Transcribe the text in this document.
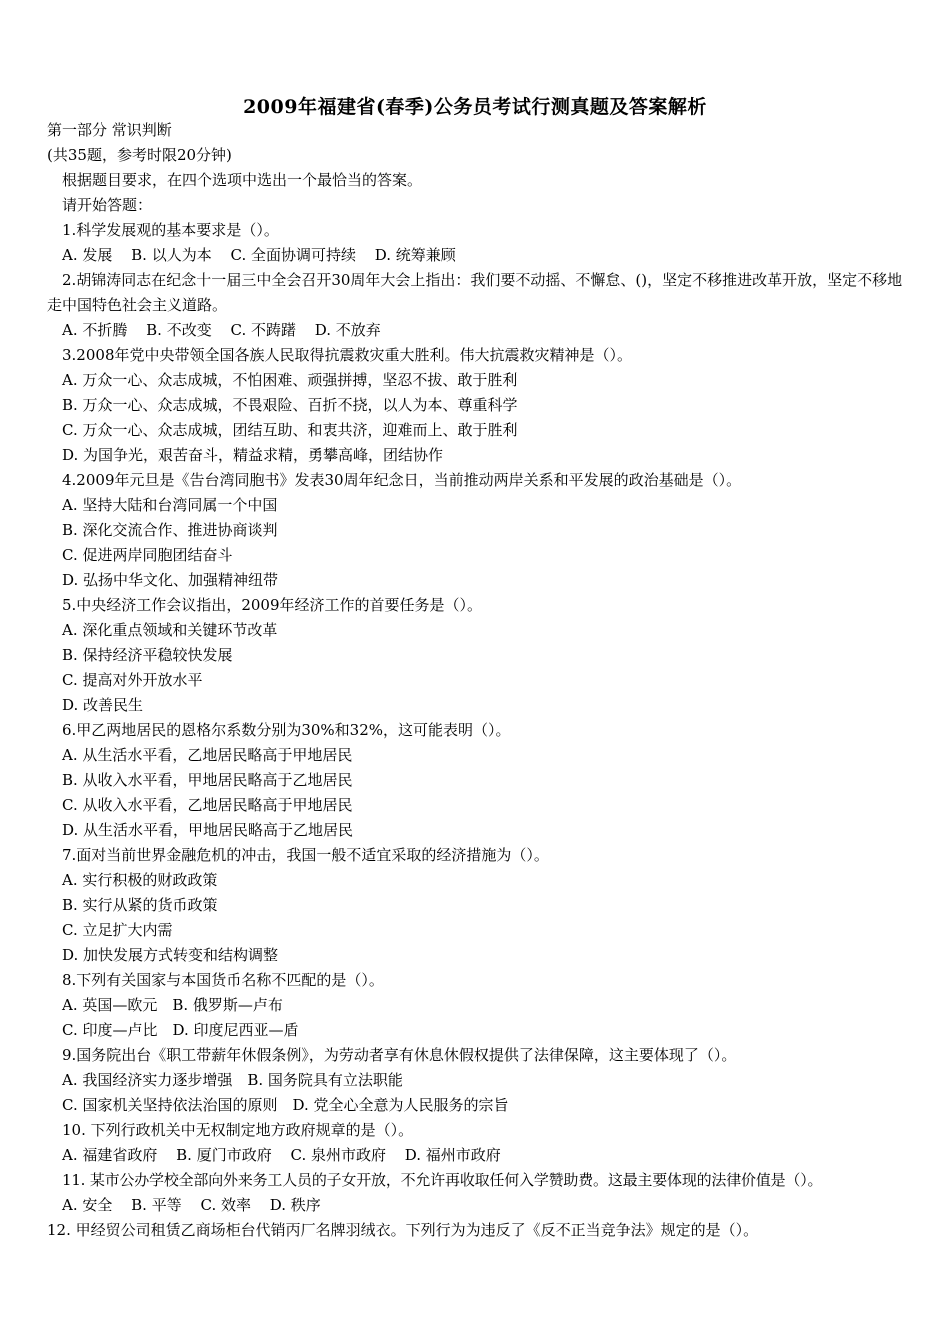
2009年福建省(春季)公务员考试行测真题及答案解析
第一部分 常识判断
(共35题，参考时限20分钟)
根据题目要求，在四个选项中选出一个最恰当的答案。
请开始答题：
1.科学发展观的基本要求是（）。
A. 发展 B. 以人为本 C. 全面协调可持续 D. 统筹兼顾
2.胡锦涛同志在纪念十一届三中全会召开30周年大会上指出：我们要不动摇、不懈怠、()，坚定不移推进改革开放，坚定不移地走中国特色社会主义道路。
A. 不折腾 B. 不改变 C. 不踌躇 D. 不放弃
3.2008年党中央带领全国各族人民取得抗震救灾重大胜利。伟大抗震救灾精神是（）。
A. 万众一心、众志成城，不怕困难、顽强拼搏，坚忍不拔、敢于胜利
B. 万众一心、众志成城，不畏艰险、百折不挠，以人为本、尊重科学
C. 万众一心、众志成城，团结互助、和衷共济，迎难而上、敢于胜利
D. 为国争光，艰苦奋斗，精益求精，勇攀高峰，团结协作
4.2009年元旦是《告台湾同胞书》发表30周年纪念日，当前推动两岸关系和平发展的政治基础是（）。
A. 坚持大陆和台湾同属一个中国
B. 深化交流合作、推进协商谈判
C. 促进两岸同胞团结奋斗
D. 弘扬中华文化、加强精神纽带
5.中央经济工作会议指出，2009年经济工作的首要任务是（）。
A. 深化重点领域和关键环节改革
B. 保持经济平稳较快发展
C. 提高对外开放水平
D. 改善民生
6.甲乙两地居民的恩格尔系数分别为30%和32%，这可能表明（）。
A. 从生活水平看，乙地居民略高于甲地居民
B. 从收入水平看，甲地居民略高于乙地居民
C. 从收入水平看，乙地居民略高于甲地居民
D. 从生活水平看，甲地居民略高于乙地居民
7.面对当前世界金融危机的冲击，我国一般不适宜采取的经济措施为（）。
A. 实行积极的财政政策
B. 实行从紧的货币政策
C. 立足扩大内需
D. 加快发展方式转变和结构调整
8.下列有关国家与本国货币名称不匹配的是（）。
A. 英国—欧元　B. 俄罗斯—卢布
C. 印度—卢比　D. 印度尼西亚—盾
9.国务院出台《职工带薪年休假条例》，为劳动者享有休息休假权提供了法律保障，这主要体现了（）。
A. 我国经济实力逐步增强　B. 国务院具有立法职能
C. 国家机关坚持依法治国的原则　D. 党全心全意为人民服务的宗旨
10. 下列行政机关中无权制定地方政府规章的是（）。
A. 福建省政府 B. 厦门市政府 C. 泉州市政府 D. 福州市政府
11. 某市公办学校全部向外来务工人员的子女开放，不允许再收取任何入学赞助费。这最主要体现的法律价值是（）。
A. 安全 B. 平等 C. 效率 D. 秩序
12. 甲经贸公司租赁乙商场柜台代销丙厂名牌羽绒衣。下列行为为违反了《反不正当竞争法》规定的是（）。
